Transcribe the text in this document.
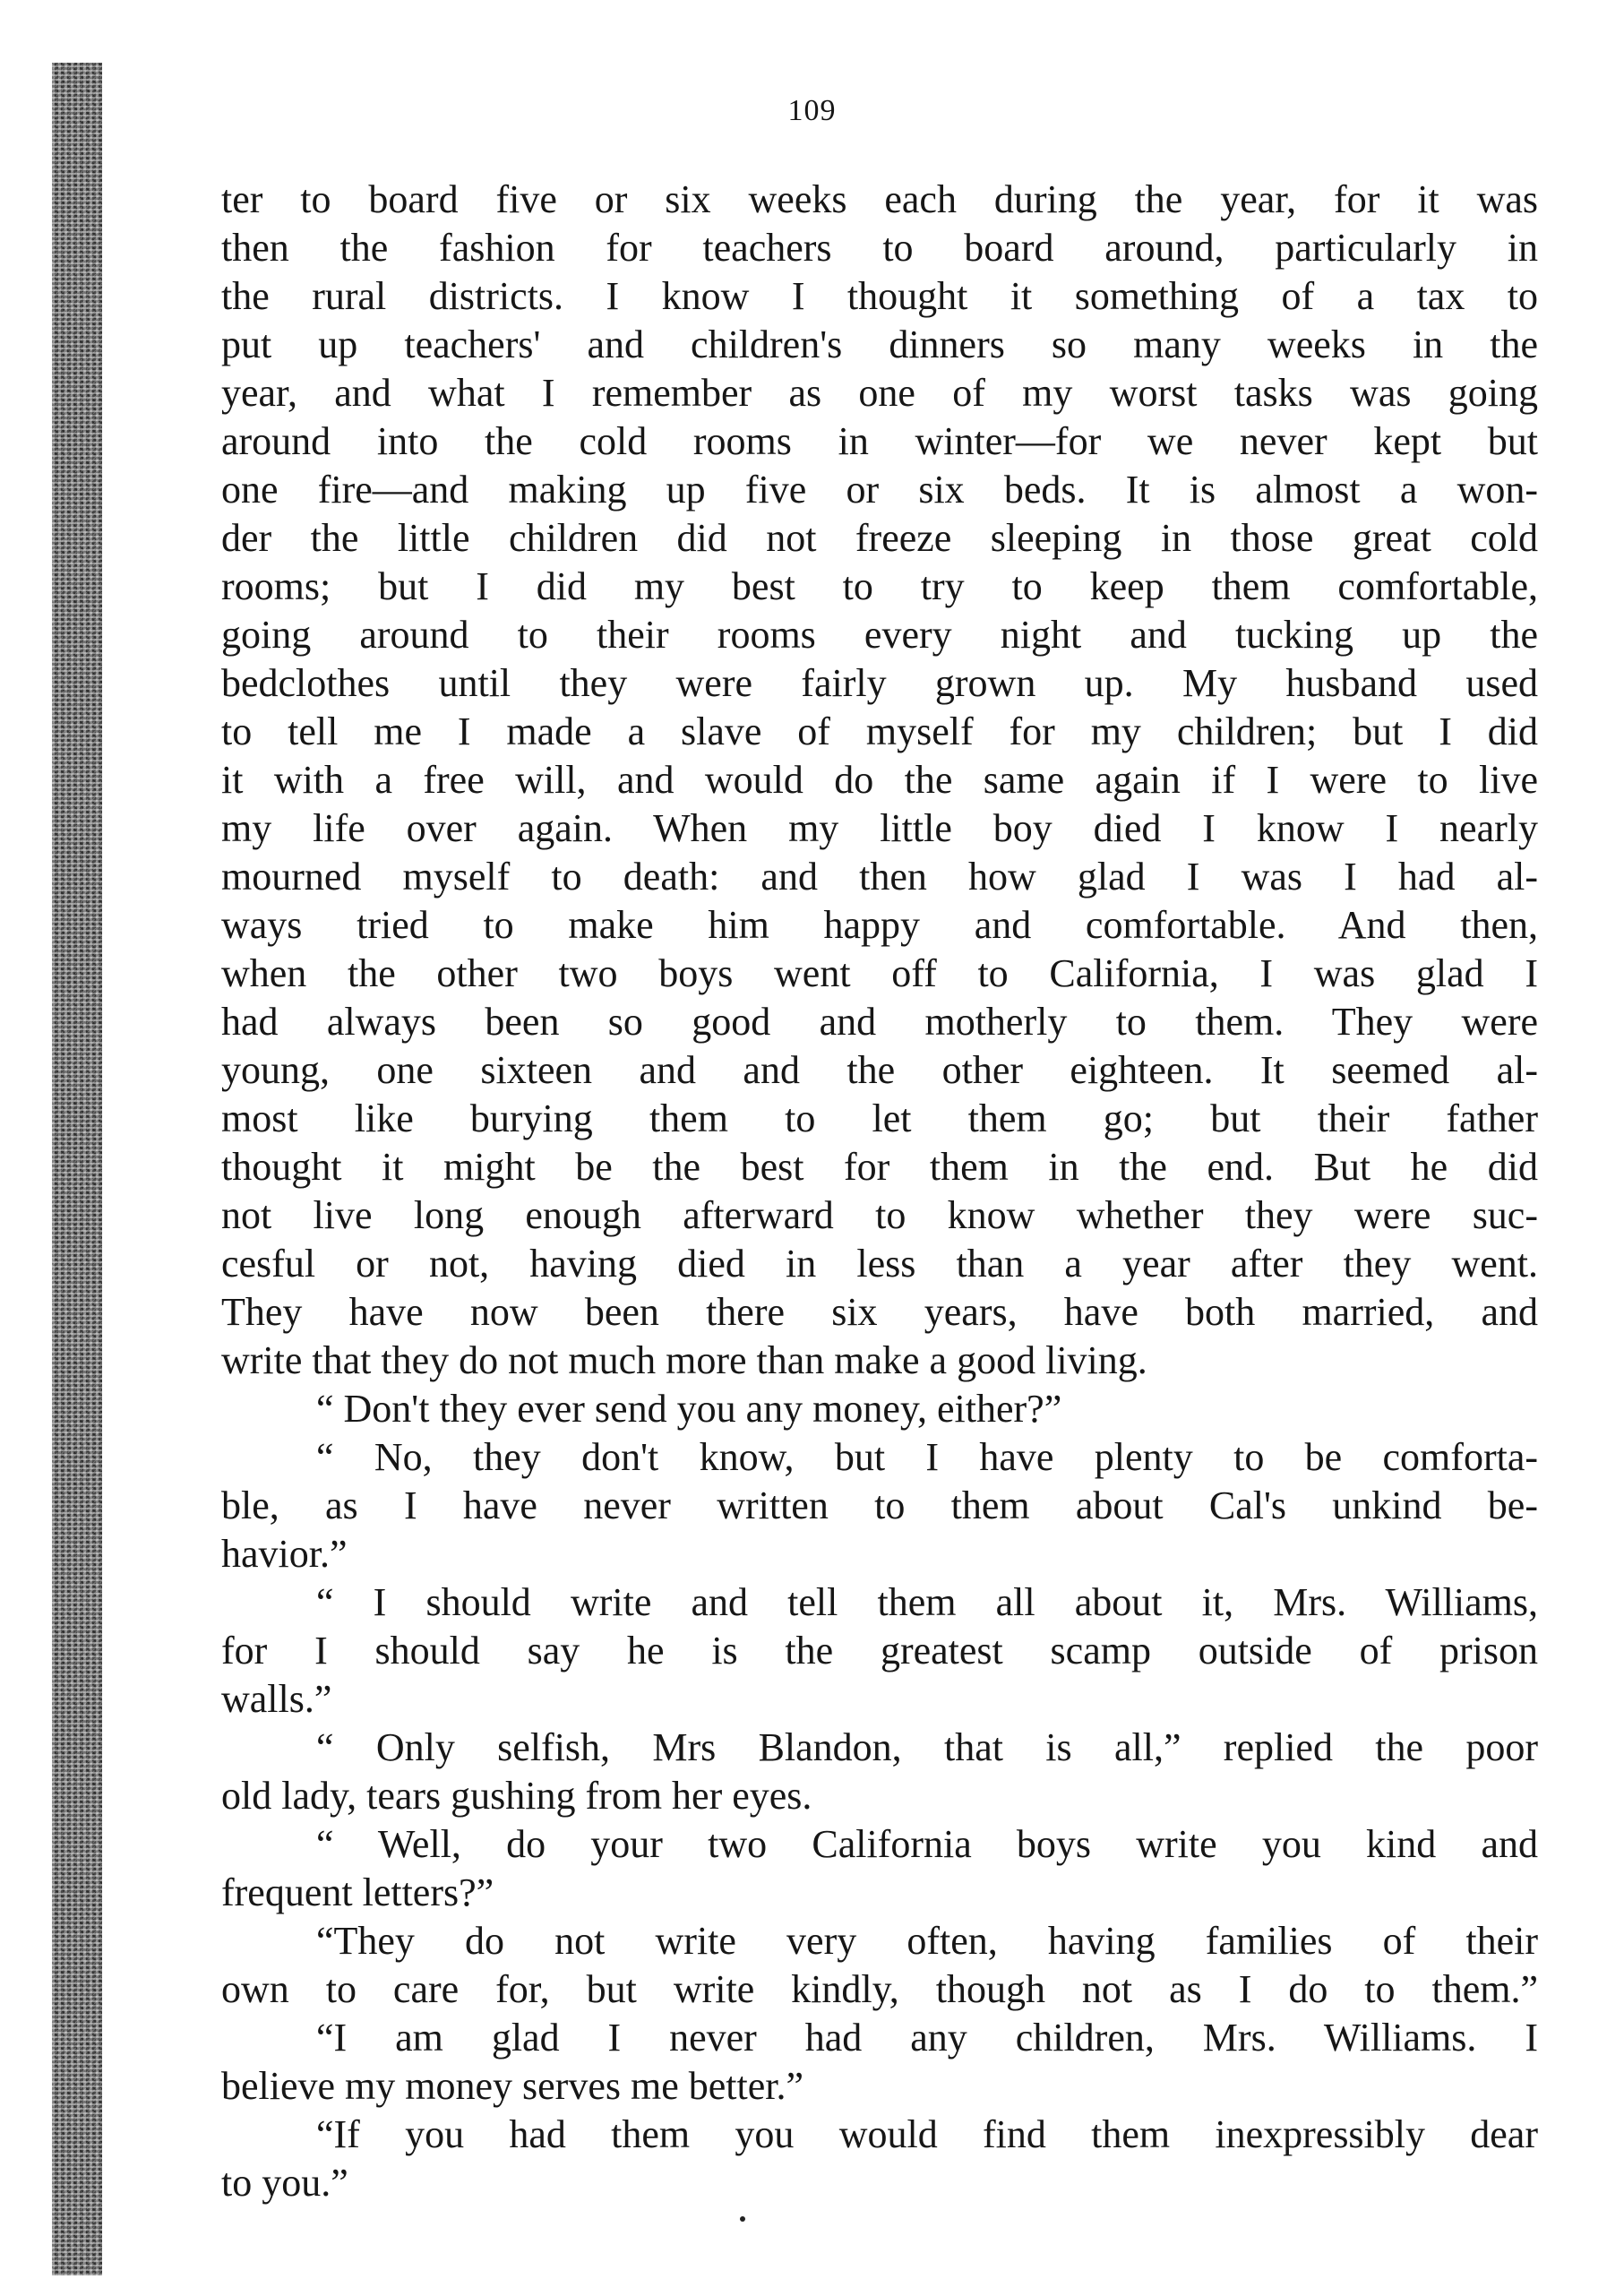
109
ter to board five or six weeks each during the year, for it was
then the fashion for teachers to board around, particularly in
the rural districts. I know I thought it something of a tax to
put up teachers' and children's dinners so many weeks in the
year, and what I remember as one of my worst tasks was going
around into the cold rooms in winter—for we never kept but
one fire—and making up five or six beds. It is almost a won-
der the little children did not freeze sleeping in those great cold
rooms; but I did my best to try to keep them comfortable,
going around to their rooms every night and tucking up the
bedclothes until they were fairly grown up. My husband used
to tell me I made a slave of myself for my children; but I did
it with a free will, and would do the same again if I were to live
my life over again. When my little boy died I know I nearly
mourned myself to death: and then how glad I was I had al-
ways tried to make him happy and comfortable. And then,
when the other two boys went off to California, I was glad I
had always been so good and motherly to them. They were
young, one sixteen and and the other eighteen. It seemed al-
most like burying them to let them go; but their father
thought it might be the best for them in the end. But he did
not live long enough afterward to know whether they were suc-
cesful or not, having died in less than a year after they went.
They have now been there six years, have both married, and
write that they do not much more than make a good living.
“ Don't they ever send you any money, either?”
“ No, they don't know, but I have plenty to be comforta-
ble, as I have never written to them about Cal's unkind be-
havior.”
“ I should write and tell them all about it, Mrs. Williams,
for I should say he is the greatest scamp outside of prison
walls.”
“ Only selfish, Mrs Blandon, that is all,” replied the poor
old lady, tears gushing from her eyes.
“ Well, do your two California boys write you kind and
frequent letters?”
“They do not write very often, having families of their
own to care for, but write kindly, though not as I do to them.”
“I am glad I never had any children, Mrs. Williams. I
believe my money serves me better.”
“If you had them you would find them inexpressibly dear
to you.”
